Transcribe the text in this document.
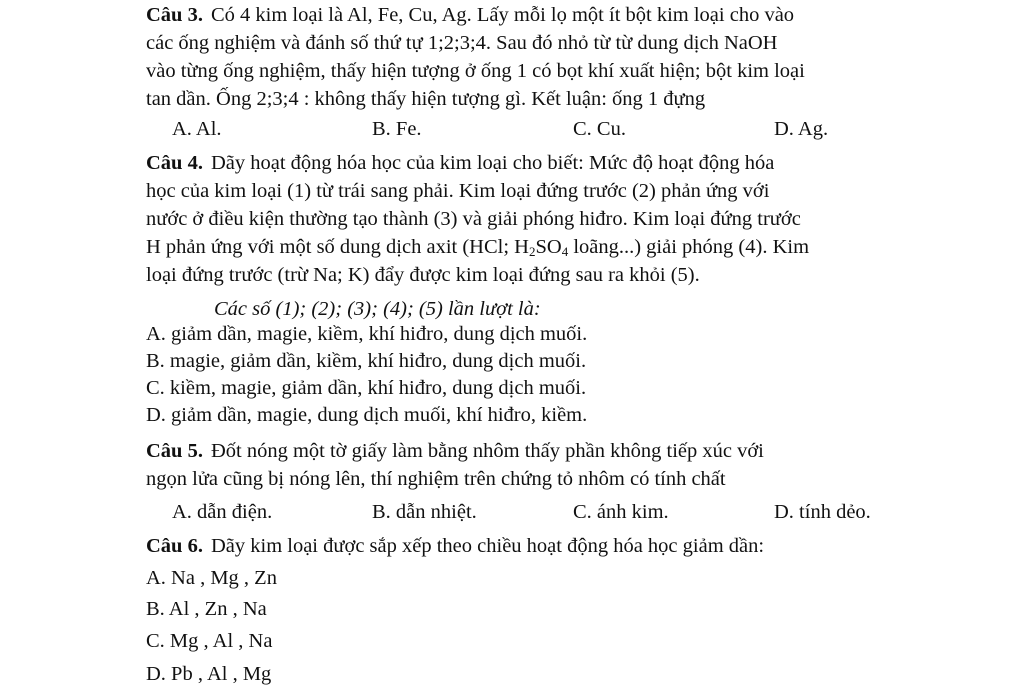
Câu 3. Có 4 kim loại là Al, Fe, Cu, Ag. Lấy mỗi lọ một ít bột kim loại cho vào
các ống nghiệm và đánh số thứ tự 1;2;3;4. Sau đó nhỏ từ từ dung dịch NaOH
vào từng ống nghiệm, thấy hiện tượng ở ống 1 có bọt khí xuất hiện; bột kim loại
tan dần. Ống 2;3;4 : không thấy hiện tượng gì. Kết luận: ống 1 đựng
A. Al.	B. Fe.	C. Cu.	D. Ag.
Câu 4. Dãy hoạt động hóa học của kim loại cho biết: Mức độ hoạt động hóa
học của kim loại (1) từ trái sang phải. Kim loại đứng trước (2) phản ứng với
nước ở điều kiện thường tạo thành (3) và giải phóng hiđro. Kim loại đứng trước
H phản ứng với một số dung dịch axit (HCl; $H_2SO_4$ loãng...) giải phóng (4). Kim
loại đứng trước (trừ Na; K) đẩy được kim loại đứng sau ra khỏi (5).
Các số (1); (2); (3); (4); (5) lần lượt là:
A. giảm dần, magie, kiềm, khí hiđro, dung dịch muối.
B. magie, giảm dần, kiềm, khí hiđro, dung dịch muối.
C. kiềm, magie, giảm dần, khí hiđro, dung dịch muối.
D. giảm dần, magie, dung dịch muối, khí hiđro, kiềm.
Câu 5. Đốt nóng một tờ giấy làm bằng nhôm thấy phần không tiếp xúc với
ngọn lửa cũng bị nóng lên, thí nghiệm trên chứng tỏ nhôm có tính chất
A. dẫn điện.	B. dẫn nhiệt.	C. ánh kim.	D. tính dẻo.
Câu 6. Dãy kim loại được sắp xếp theo chiều hoạt động hóa học giảm dần:
A. Na , Mg , Zn
B. Al , Zn , Na
C. Mg , Al , Na
D. Pb , Al , Mg
